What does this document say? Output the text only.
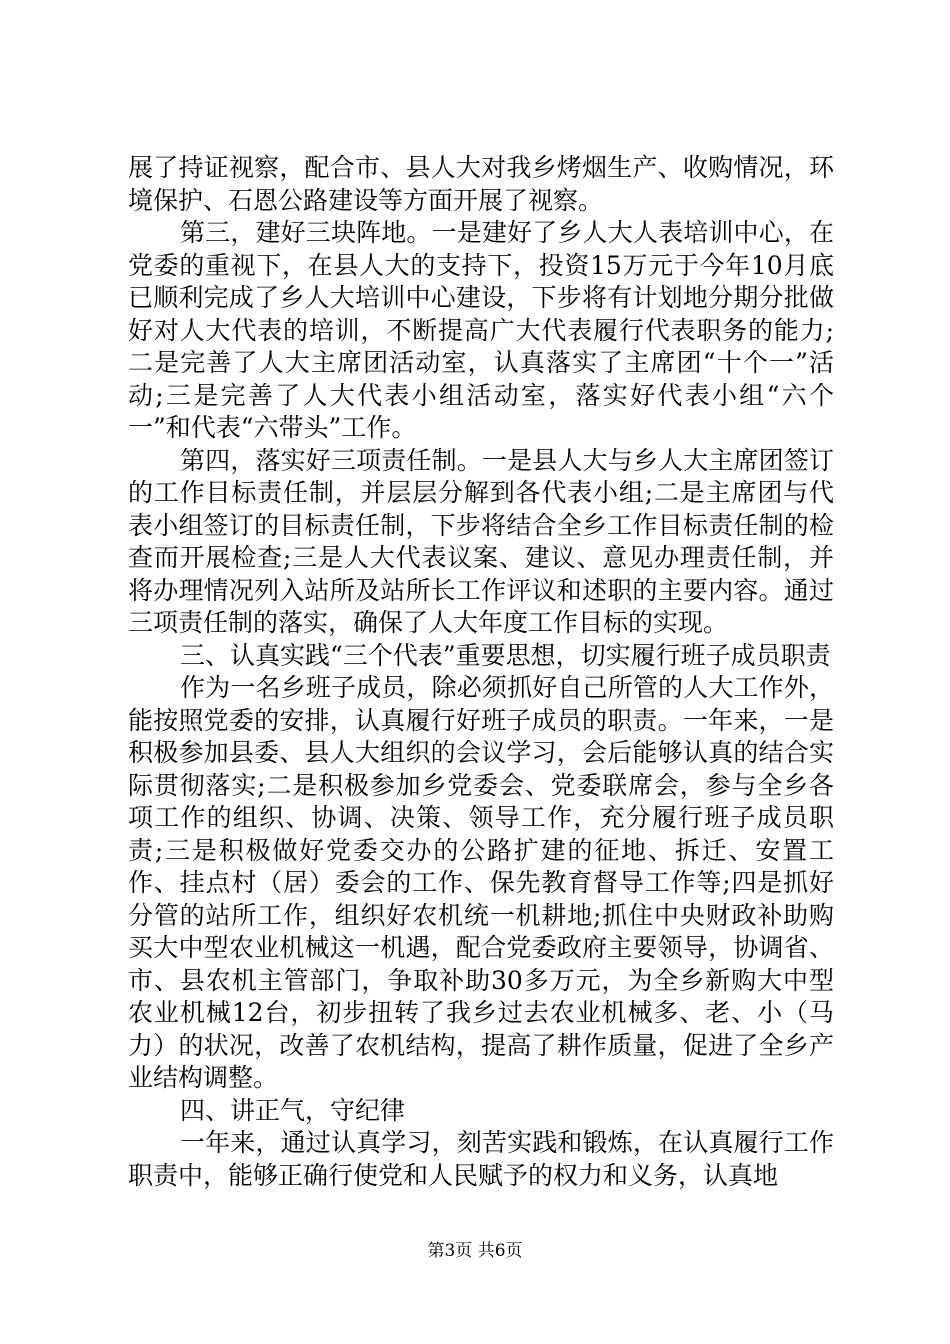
展了持证视察，配合市、县人大对我乡烤烟生产、收购情况，环境保护、石恩公路建设等方面开展了视察。

第三，建好三块阵地。一是建好了乡人大人表培训中心，在党委的重视下，在县人大的支持下，投资15万元于今年10月底已顺利完成了乡人大培训中心建设，下步将有计划地分期分批做好对人大代表的培训，不断提高广大代表履行代表职务的能力;二是完善了人大主席团活动室，认真落实了主席团“十个一”活动;三是完善了人大代表小组活动室，落实好代表小组“六个一”和代表“六带头”工作。

第四，落实好三项责任制。一是县人大与乡人大主席团签订的工作目标责任制，并层层分解到各代表小组;二是主席团与代表小组签订的目标责任制，下步将结合全乡工作目标责任制的检查而开展检查;三是人大代表议案、建议、意见办理责任制，并将办理情况列入站所及站所长工作评议和述职的主要内容。通过三项责任制的落实，确保了人大年度工作目标的实现。

三、认真实践“三个代表”重要思想，切实履行班子成员职责

作为一名乡班子成员，除必须抓好自己所管的人大工作外，能按照党委的安排，认真履行好班子成员的职责。一年来，一是积极参加县委、县人大组织的会议学习，会后能够认真的结合实际贯彻落实;二是积极参加乡党委会、党委联席会，参与全乡各项工作的组织、协调、决策、领导工作，充分履行班子成员职责;三是积极做好党委交办的公路扩建的征地、拆迁、安置工作、挂点村（居）委会的工作、保先教育督导工作等;四是抓好分管的站所工作，组织好农机统一机耕地;抓住中央财政补助购买大中型农业机械这一机遇，配合党委政府主要领导，协调省、市、县农机主管部门，争取补助30多万元，为全乡新购大中型农业机械12台，初步扭转了我乡过去农业机械多、老、小（马力）的状况，改善了农机结构，提高了耕作质量，促进了全乡产业结构调整。

四、讲正气，守纪律

一年来，通过认真学习，刻苦实践和锻炼，在认真履行工作职责中，能够正确行使党和人民赋予的权力和义务，认真地

第3页 共6页
